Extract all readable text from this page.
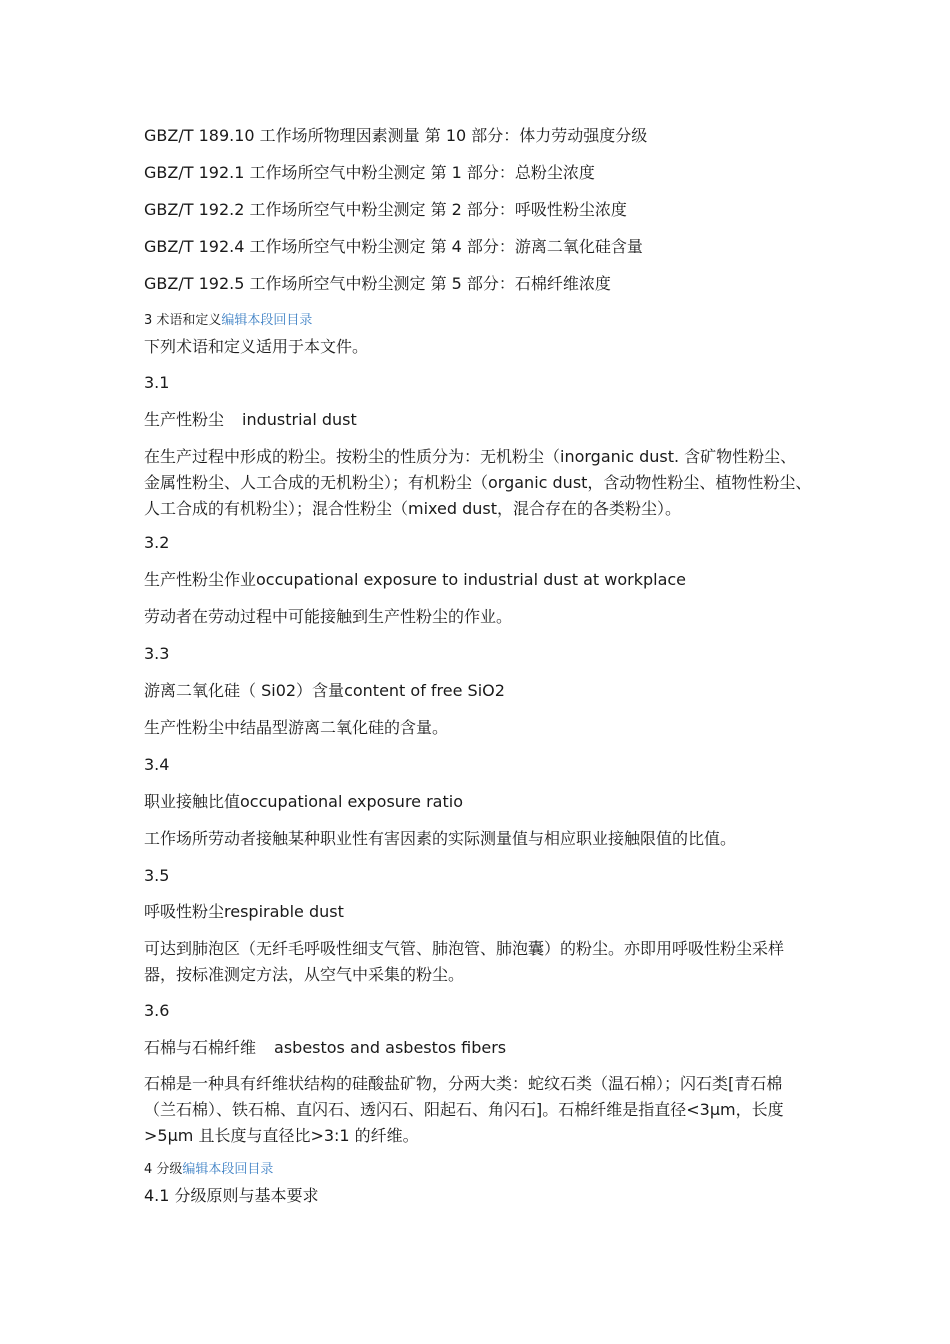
GBZ/T 189.10 工作场所物理因素测量 第 10 部分：体力劳动强度分级
GBZ/T 192.1 工作场所空气中粉尘测定 第 1 部分：总粉尘浓度
GBZ/T 192.2 工作场所空气中粉尘测定 第 2 部分：呼吸性粉尘浓度
GBZ/T 192.4 工作场所空气中粉尘测定 第 4 部分：游离二氧化硅含量
GBZ/T 192.5 工作场所空气中粉尘测定 第 5 部分：石棉纤维浓度
3 术语和定义编辑本段回目录
下列术语和定义适用于本文件。
3.1
生产性粉尘 industrial dust
在生产过程中形成的粉尘。按粉尘的性质分为：无机粉尘（inorganic dust. 含矿物性粉尘、金属性粉尘、人工合成的无机粉尘）；有机粉尘（organic dust，含动物性粉尘、植物性粉尘、人工合成的有机粉尘）；混合性粉尘（mixed dust，混合存在的各类粉尘）。
3.2
生产性粉尘作业occupational exposure to industrial dust at workplace
劳动者在劳动过程中可能接触到生产性粉尘的作业。
3.3
游离二氧化硅（ Si02）含量content of free SiO2
生产性粉尘中结晶型游离二氧化硅的含量。
3.4
职业接触比值occupational exposure ratio
工作场所劳动者接触某种职业性有害因素的实际测量值与相应职业接触限值的比值。
3.5
呼吸性粉尘respirable dust
可达到肺泡区（无纤毛呼吸性细支气管、肺泡管、肺泡囊）的粉尘。亦即用呼吸性粉尘采样器，按标准测定方法，从空气中采集的粉尘。
3.6
石棉与石棉纤维 asbestos and asbestos fibers
石棉是一种具有纤维状结构的硅酸盐矿物，分两大类：蛇纹石类（温石棉）；闪石类[青石棉（兰石棉）、铁石棉、直闪石、透闪石、阳起石、角闪石]。石棉纤维是指直径<3μm，长度>5μm 且长度与直径比>3:1 的纤维。
4 分级编辑本段回目录
4.1 分级原则与基本要求
